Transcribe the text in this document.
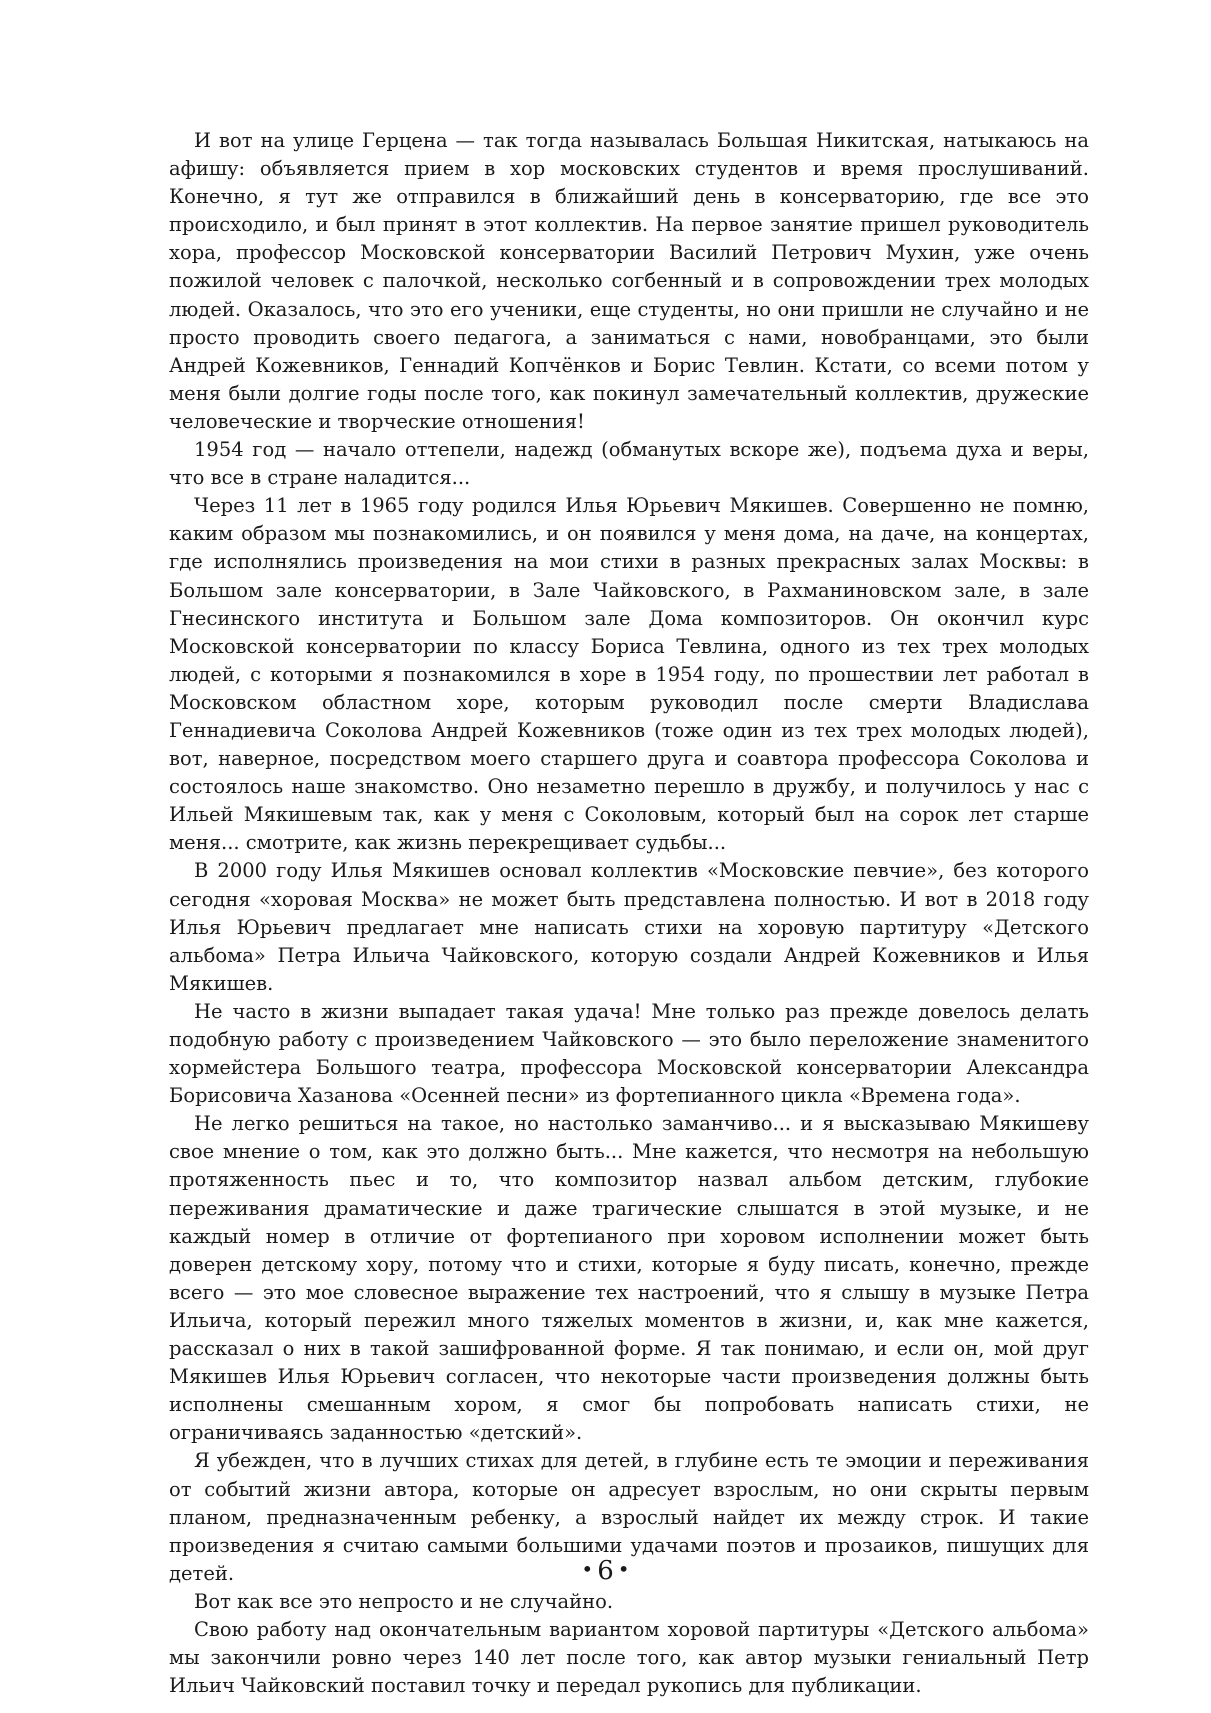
И вот на улице Герцена — так тогда называлась Большая Никитская, натыкаюсь на афишу: объявляется прием в хор московских студентов и время прослушиваний. Конечно, я тут же отправился в ближайший день в консерваторию, где все это происходило, и был принят в этот коллектив. На первое занятие пришел руководитель хора, профессор Московской консерватории Василий Петрович Мухин, уже очень пожилой человек с палочкой, несколько согбенный и в сопровождении трех молодых людей. Оказалось, что это его ученики, еще студенты, но они пришли не случайно и не просто проводить своего педагога, а заниматься с нами, новобранцами, это были Андрей Кожевников, Геннадий Копчёнков и Борис Тевлин. Кстати, со всеми потом у меня были долгие годы после того, как покинул замечательный коллектив, дружеские человеческие и творческие отношения!

1954 год — начало оттепели, надежд (обманутых вскоре же), подъема духа и веры, что все в стране наладится...

Через 11 лет в 1965 году родился Илья Юрьевич Мякишев. Совершенно не помню, каким образом мы познакомились, и он появился у меня дома, на даче, на концертах, где исполнялись произведения на мои стихи в разных прекрасных залах Москвы: в Большом зале консерватории, в Зале Чайковского, в Рахманиновском зале, в зале Гнесинского института и Большом зале Дома композиторов. Он окончил курс Московской консерватории по классу Бориса Тевлина, одного из тех трех молодых людей, с которыми я познакомился в хоре в 1954 году, по прошествии лет работал в Московском областном хоре, которым руководил после смерти Владислава Геннадиевича Соколова Андрей Кожевников (тоже один из тех трех молодых людей), вот, наверное, посредством моего старшего друга и соавтора профессора Соколова и состоялось наше знакомство. Оно незаметно перешло в дружбу, и получилось у нас с Ильей Мякишевым так, как у меня с Соколовым, который был на сорок лет старше меня... смотрите, как жизнь перекрещивает судьбы...

В 2000 году Илья Мякишев основал коллектив «Московские певчие», без которого сегодня «хоровая Москва» не может быть представлена полностью. И вот в 2018 году Илья Юрьевич предлагает мне написать стихи на хоровую партитуру «Детского альбома» Петра Ильича Чайковского, которую создали Андрей Кожевников и Илья Мякишев.

Не часто в жизни выпадает такая удача! Мне только раз прежде довелось делать подобную работу с произведением Чайковского — это было переложение знаменитого хормейстера Большого театра, профессора Московской консерватории Александра Борисовича Хазанова «Осенней песни» из фортепианного цикла «Времена года».

Не легко решиться на такое, но настолько заманчиво... и я высказываю Мякишеву свое мнение о том, как это должно быть... Мне кажется, что несмотря на небольшую протяженность пьес и то, что композитор назвал альбом детским, глубокие переживания драматические и даже трагические слышатся в этой музыке, и не каждый номер в отличие от фортепианого при хоровом исполнении может быть доверен детскому хору, потому что и стихи, которые я буду писать, конечно, прежде всего — это мое словесное выражение тех настроений, что я слышу в музыке Петра Ильича, который пережил много тяжелых моментов в жизни, и, как мне кажется, рассказал о них в такой зашифрованной форме. Я так понимаю, и если он, мой друг Мякишев Илья Юрьевич согласен, что некоторые части произведения должны быть исполнены смешанным хором, я смог бы попробовать написать стихи, не ограничиваясь заданностью «детский».

Я убежден, что в лучших стихах для детей, в глубине есть те эмоции и переживания от событий жизни автора, которые он адресует взрослым, но они скрыты первым планом, предназначенным ребенку, а взрослый найдет их между строк. И такие произведения я считаю самыми большими удачами поэтов и прозаиков, пишущих для детей.

Вот как все это непросто и не случайно.

Свою работу над окончательным вариантом хоровой партитуры «Детского альбома» мы закончили ровно через 140 лет после того, как автор музыки гениальный Петр Ильич Чайковский поставил точку и передал рукопись для публикации.

• 6 •
